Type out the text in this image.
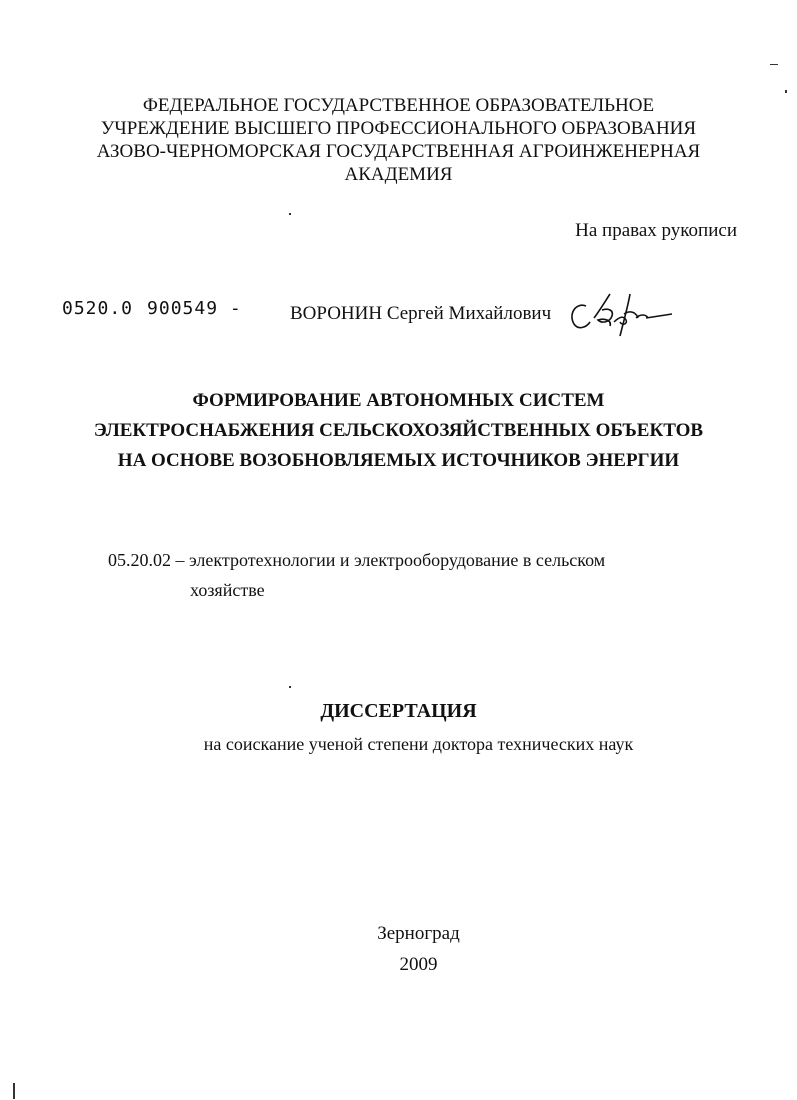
ФЕДЕРАЛЬНОЕ ГОСУДАРСТВЕННОЕ ОБРАЗОВАТЕЛЬНОЕ
УЧРЕЖДЕНИЕ ВЫСШЕГО ПРОФЕССИОНАЛЬНОГО ОБРАЗОВАНИЯ
АЗОВО-ЧЕРНОМОРСКАЯ ГОСУДАРСТВЕННАЯ АГРОИНЖЕНЕРНАЯ
АКАДЕМИЯ
На правах рукописи
0520.0 900549 -	ВОРОНИН Сергей Михайлович
ФОРМИРОВАНИЕ АВТОНОМНЫХ СИСТЕМ
ЭЛЕКТРОСНАБЖЕНИЯ СЕЛЬСКОХОЗЯЙСТВЕННЫХ ОБЪЕКТОВ
НА ОСНОВЕ ВОЗОБНОВЛЯЕМЫХ ИСТОЧНИКОВ ЭНЕРГИИ
05.20.02 – электротехнологии и электрооборудование в сельском
хозяйстве
ДИССЕРТАЦИЯ
на соискание ученой степени доктора технических наук
Зерноград
2009
